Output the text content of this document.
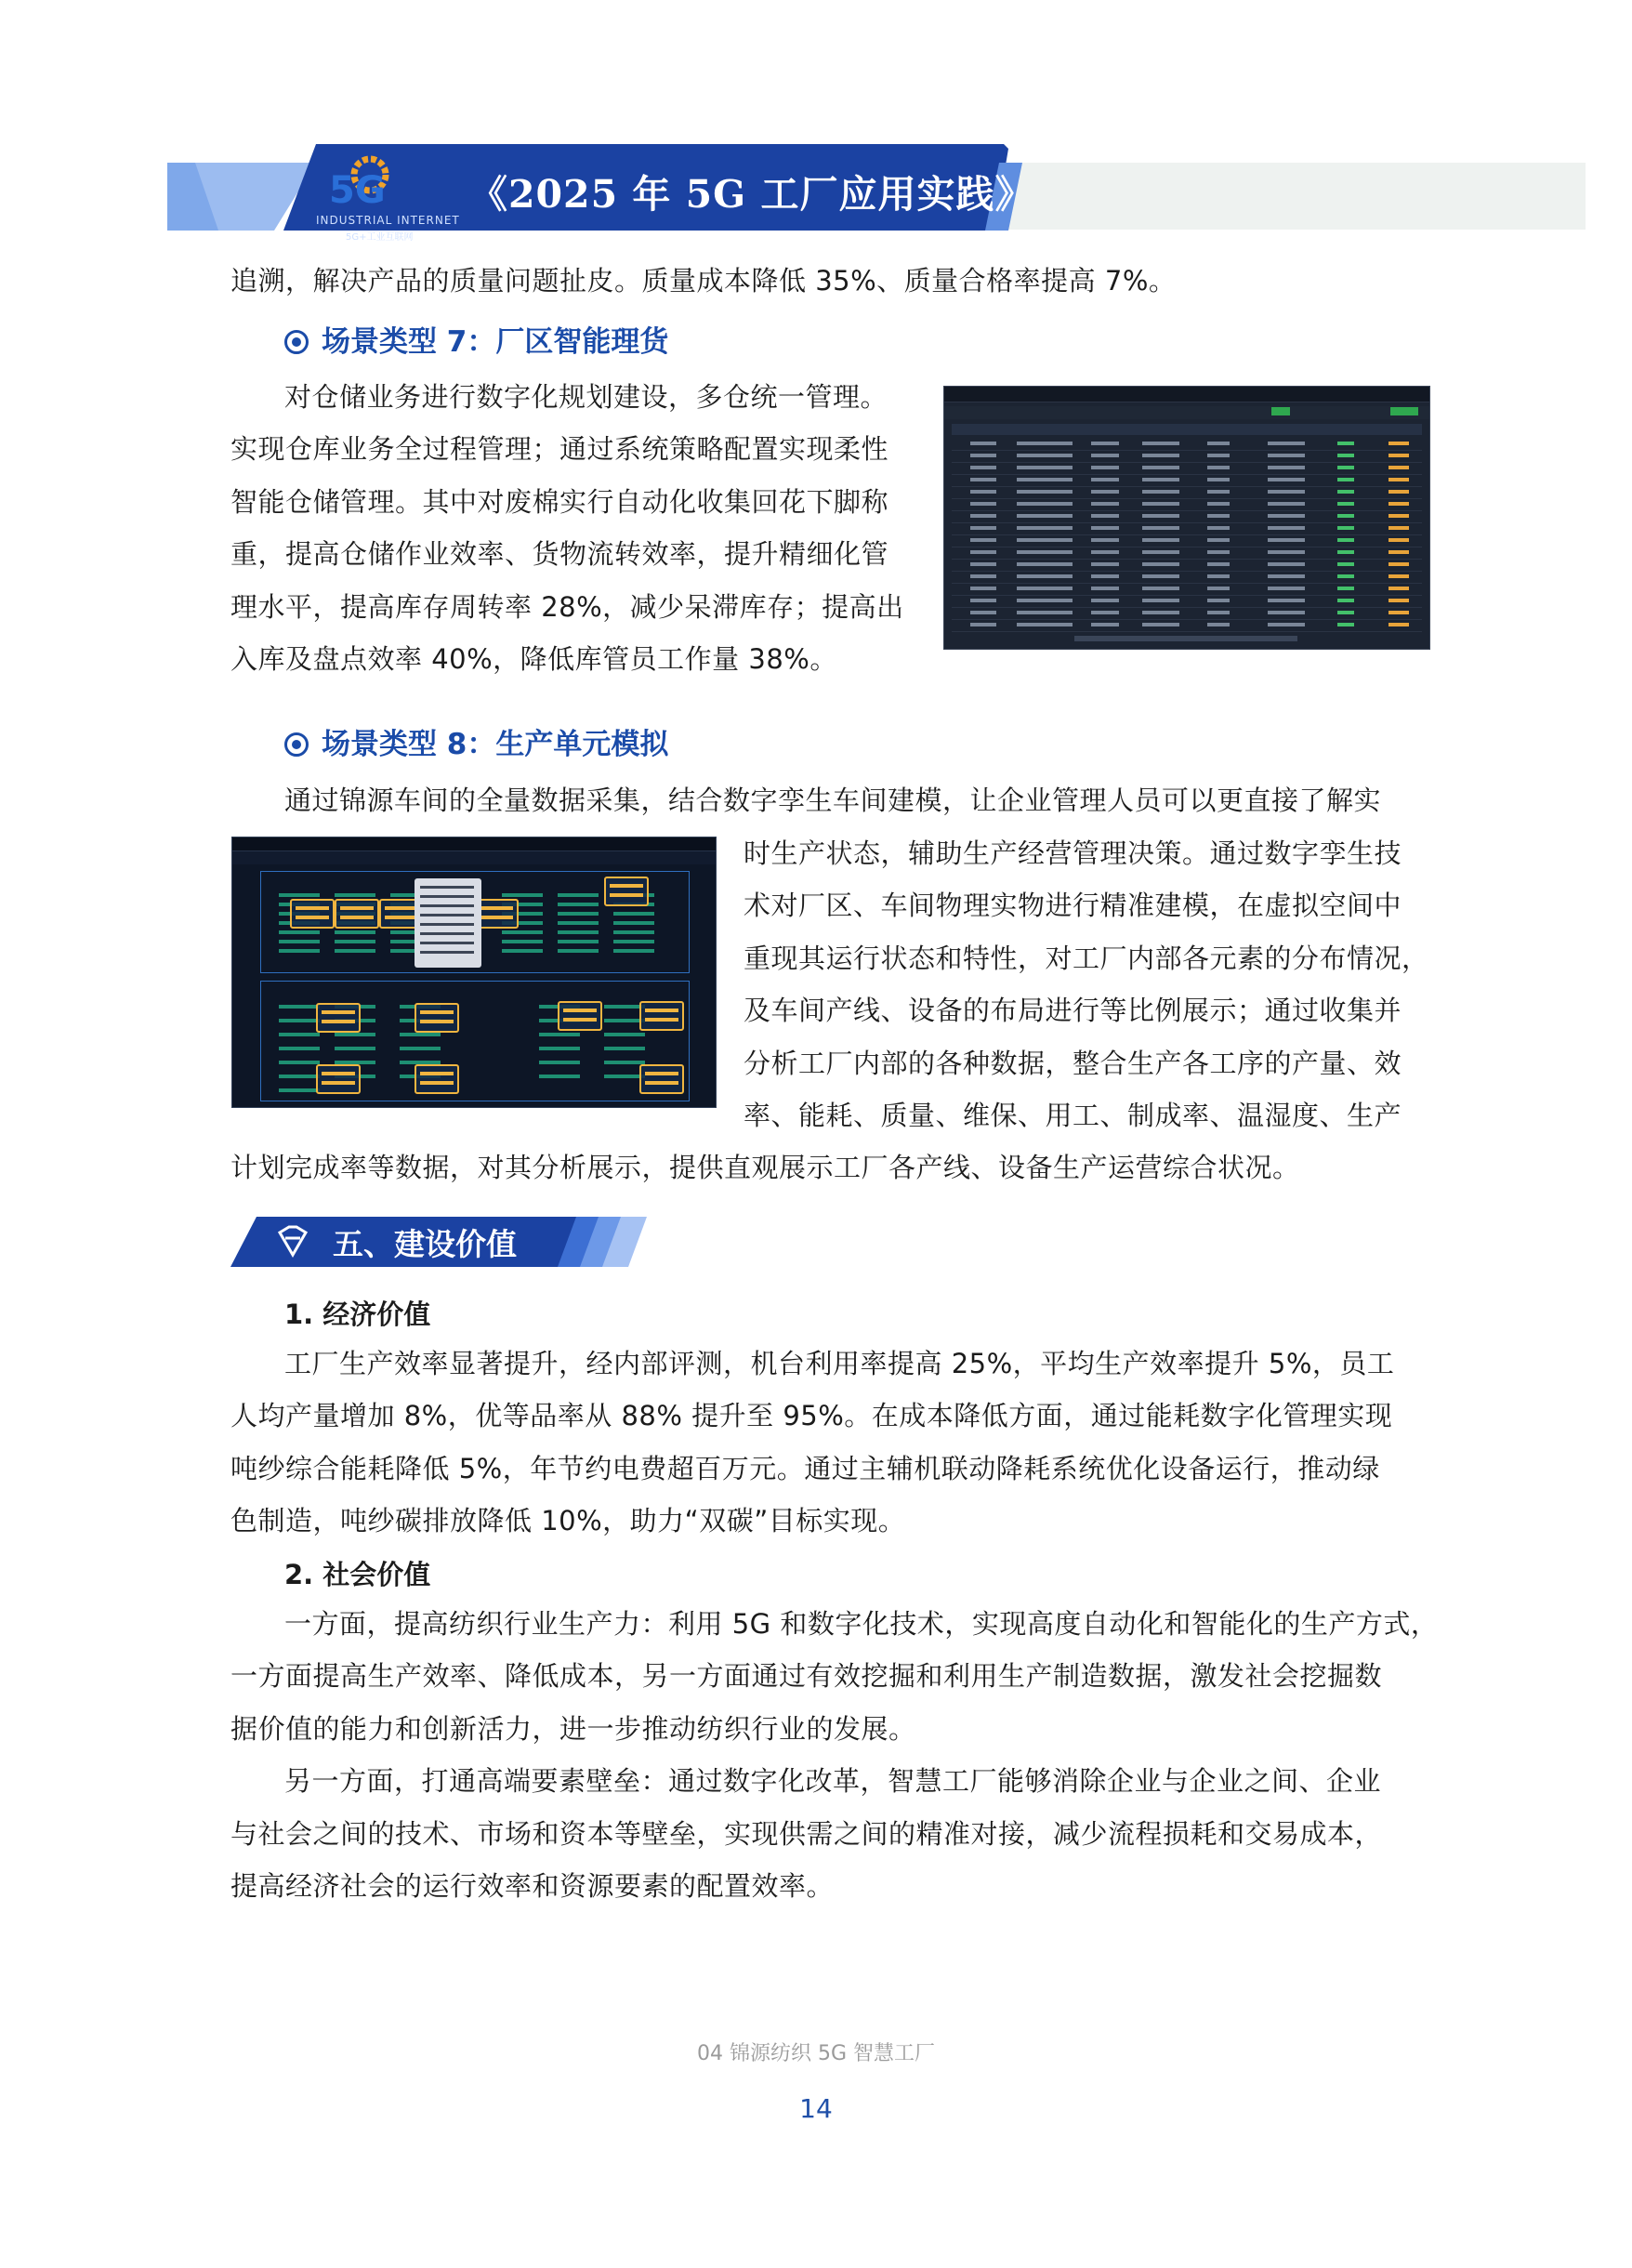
5G
INDUSTRIAL INTERNET
5G+工业互联网
《2025 年 5G 工厂应用实践》
追溯，解决产品的质量问题扯皮。质量成本降低 35%、质量合格率提高 7%。
场景类型 7：厂区智能理货
对仓储业务进行数字化规划建设，多仓统一管理。
实现仓库业务全过程管理；通过系统策略配置实现柔性
智能仓储管理。其中对废棉实行自动化收集回花下脚称
重，提高仓储作业效率、货物流转效率，提升精细化管
理水平，提高库存周转率 28%，减少呆滞库存；提高出
入库及盘点效率 40%，降低库管员工作量 38%。
场景类型 8：生产单元模拟
通过锦源车间的全量数据采集，结合数字孪生车间建模，让企业管理人员可以更直接了解实
时生产状态，辅助生产经营管理决策。通过数字孪生技
术对厂区、车间物理实物进行精准建模，在虚拟空间中
重现其运行状态和特性，对工厂内部各元素的分布情况，
及车间产线、设备的布局进行等比例展示；通过收集并
分析工厂内部的各种数据，整合生产各工序的产量、效
率、能耗、质量、维保、用工、制成率、温湿度、生产
计划完成率等数据，对其分析展示，提供直观展示工厂各产线、设备生产运营综合状况。
五、建设价值
1. 经济价值
工厂生产效率显著提升，经内部评测，机台利用率提高 25%，平均生产效率提升 5%，员工
人均产量增加 8%，优等品率从 88% 提升至 95%。在成本降低方面，通过能耗数字化管理实现
吨纱综合能耗降低 5%，年节约电费超百万元。通过主辅机联动降耗系统优化设备运行，推动绿
色制造，吨纱碳排放降低 10%，助力“双碳”目标实现。
2. 社会价值
一方面，提高纺织行业生产力：利用 5G 和数字化技术，实现高度自动化和智能化的生产方式，
一方面提高生产效率、降低成本，另一方面通过有效挖掘和利用生产制造数据，激发社会挖掘数
据价值的能力和创新活力，进一步推动纺织行业的发展。
另一方面，打通高端要素壁垒：通过数字化改革，智慧工厂能够消除企业与企业之间、企业
与社会之间的技术、市场和资本等壁垒，实现供需之间的精准对接，减少流程损耗和交易成本，
提高经济社会的运行效率和资源要素的配置效率。
04 锦源纺织 5G 智慧工厂
14
